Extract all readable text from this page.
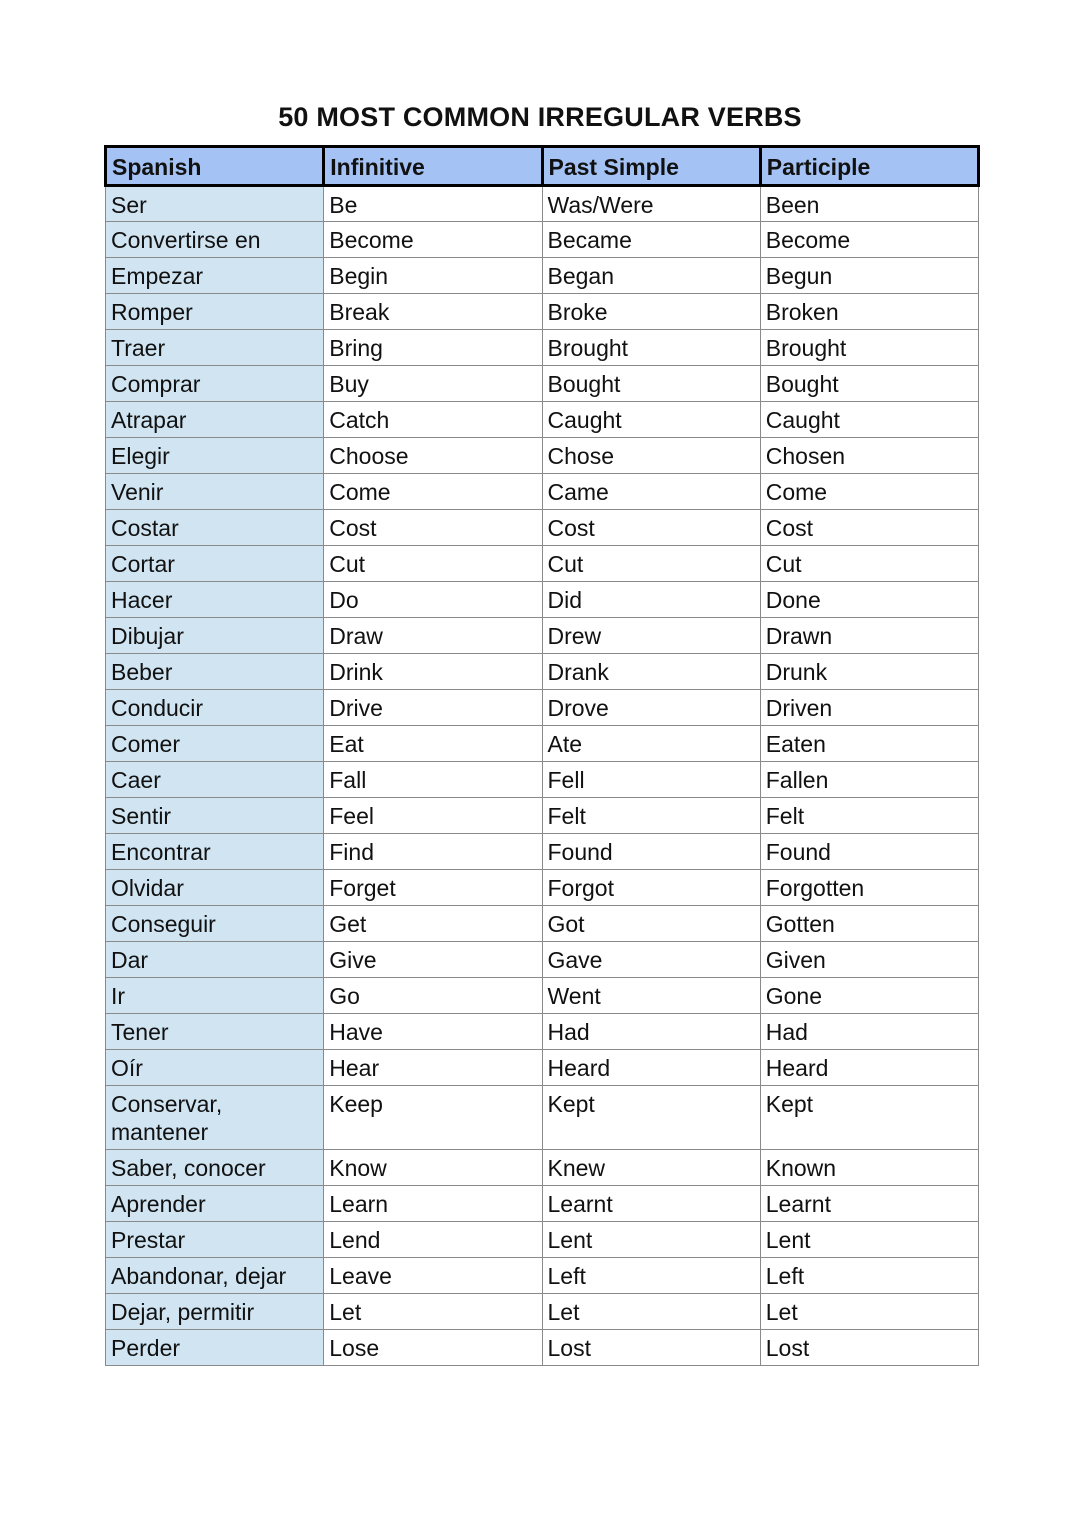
50 MOST COMMON IRREGULAR VERBS
Spanish	Infinitive	Past Simple	Participle
Ser	Be	Was/Were	Been
Convertirse en	Become	Became	Become
Empezar	Begin	Began	Begun
Romper	Break	Broke	Broken
Traer	Bring	Brought	Brought
Comprar	Buy	Bought	Bought
Atrapar	Catch	Caught	Caught
Elegir	Choose	Chose	Chosen
Venir	Come	Came	Come
Costar	Cost	Cost	Cost
Cortar	Cut	Cut	Cut
Hacer	Do	Did	Done
Dibujar	Draw	Drew	Drawn
Beber	Drink	Drank	Drunk
Conducir	Drive	Drove	Driven
Comer	Eat	Ate	Eaten
Caer	Fall	Fell	Fallen
Sentir	Feel	Felt	Felt
Encontrar	Find	Found	Found
Olvidar	Forget	Forgot	Forgotten
Conseguir	Get	Got	Gotten
Dar	Give	Gave	Given
Ir	Go	Went	Gone
Tener	Have	Had	Had
Oír	Hear	Heard	Heard
Conservar, mantener	Keep	Kept	Kept
Saber, conocer	Know	Knew	Known
Aprender	Learn	Learnt	Learnt
Prestar	Lend	Lent	Lent
Abandonar, dejar	Leave	Left	Left
Dejar, permitir	Let	Let	Let
Perder	Lose	Lost	Lost
